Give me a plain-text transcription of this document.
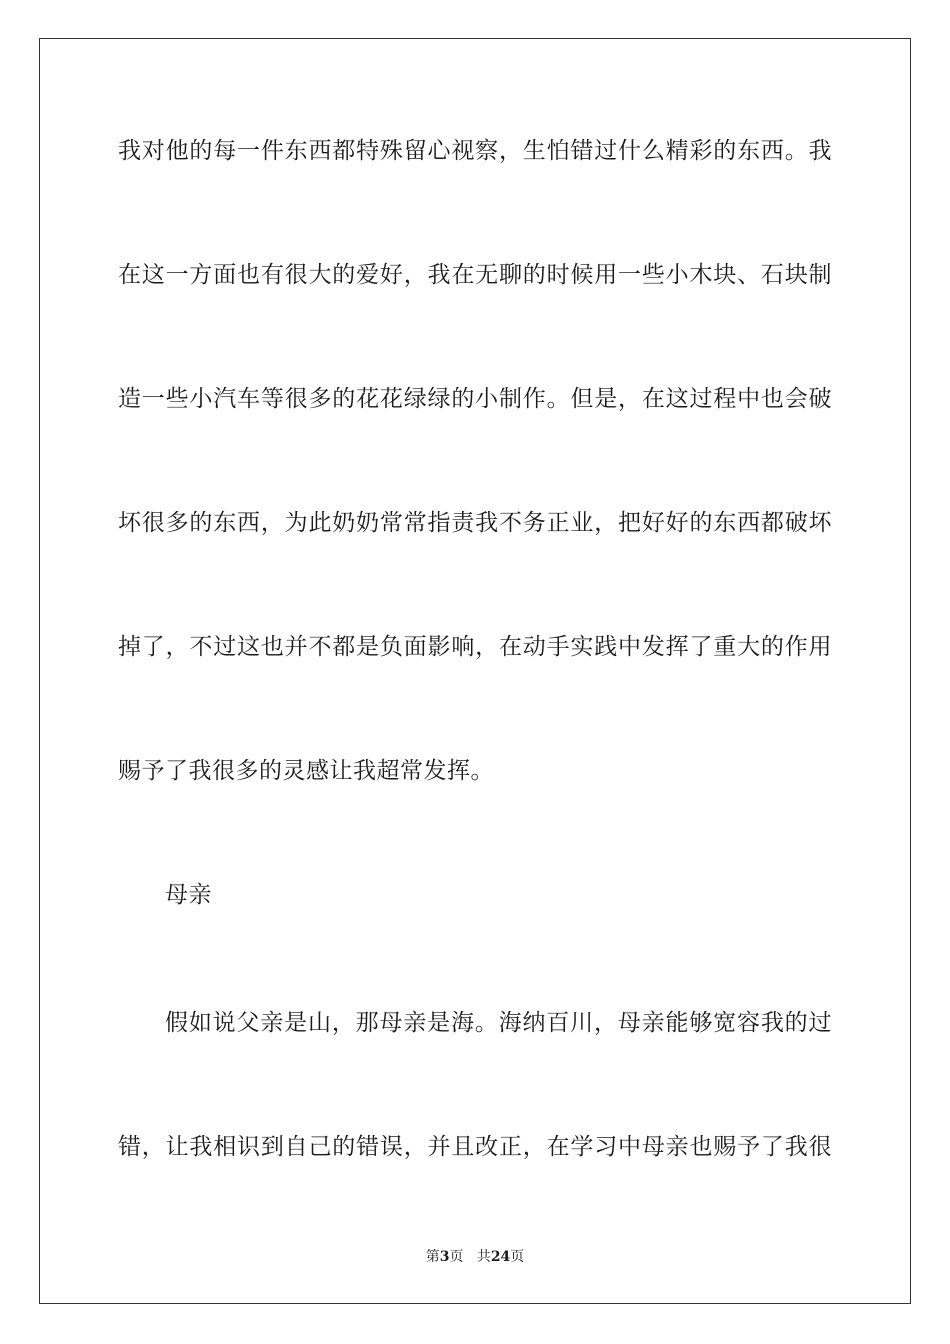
我对他的每一件东西都特殊留心视察，生怕错过什么精彩的东西。我
在这一方面也有很大的爱好，我在无聊的时候用一些小木块、石块制
造一些小汽车等很多的花花绿绿的小制作。但是，在这过程中也会破
坏很多的东西，为此奶奶常常指责我不务正业，把好好的东西都破坏
掉了，不过这也并不都是负面影响，在动手实践中发挥了重大的作用
赐予了我很多的灵感让我超常发挥。
母亲
假如说父亲是山，那母亲是海。海纳百川，母亲能够宽容我的过
错，让我相识到自己的错误，并且改正，在学习中母亲也赐予了我很
第3页 共24页
